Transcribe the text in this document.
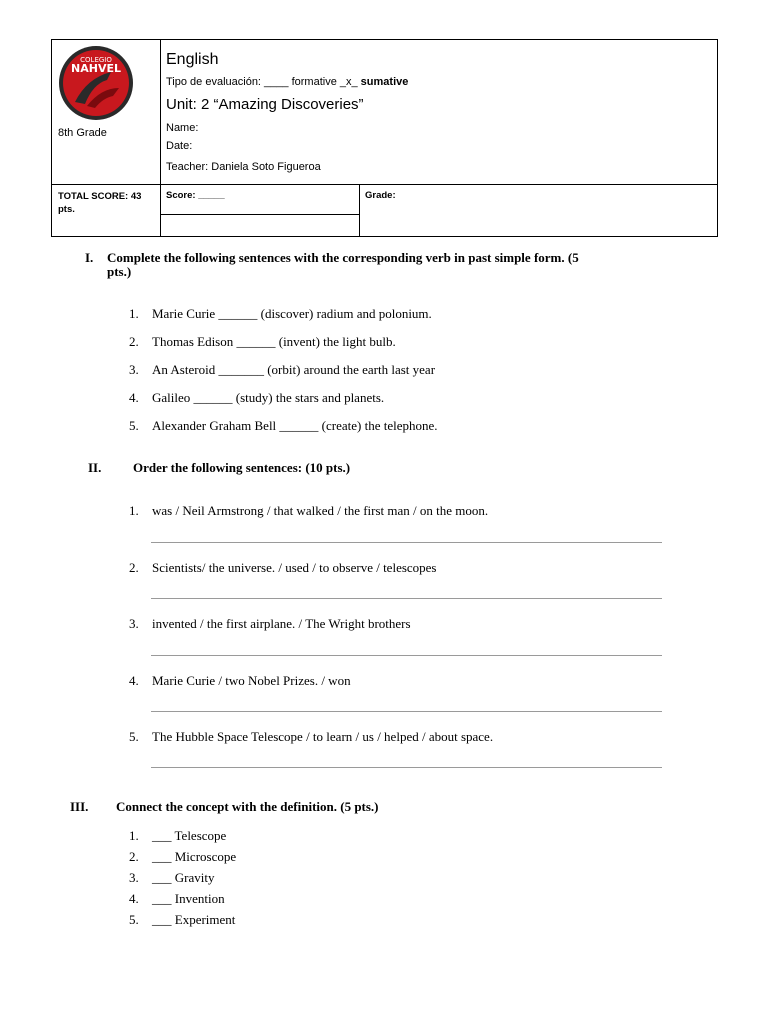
COLEGIO
NAHVEL
8th Grade
English
Tipo de evaluación: ____ formative _x_ sumative
Unit: 2 “Amazing Discoveries”
Name:
Date:
Teacher: Daniela Soto Figueroa
TOTAL SCORE: 43 pts.
Score: _____	Grade:
I. Complete the following sentences with the corresponding verb in past simple form. (5
pts.)
1. Marie Curie ______ (discover) radium and polonium.
2. Thomas Edison ______ (invent) the light bulb.
3. An Asteroid _______ (orbit) around the earth last year
4. Galileo ______ (study) the stars and planets.
5. Alexander Graham Bell ______ (create) the telephone.
II. Order the following sentences: (10 pts.)
1. was / Neil Armstrong / that walked / the first man / on the moon.
2. Scientists/ the universe. / used / to observe / telescopes
3. invented / the first airplane. / The Wright brothers
4. Marie Curie / two Nobel Prizes. / won
5. The Hubble Space Telescope / to learn / us / helped / about space.
III. Connect the concept with the definition. (5 pts.)
1. ___ Telescope
2. ___ Microscope
3. ___ Gravity
4. ___ Invention
5. ___ Experiment
